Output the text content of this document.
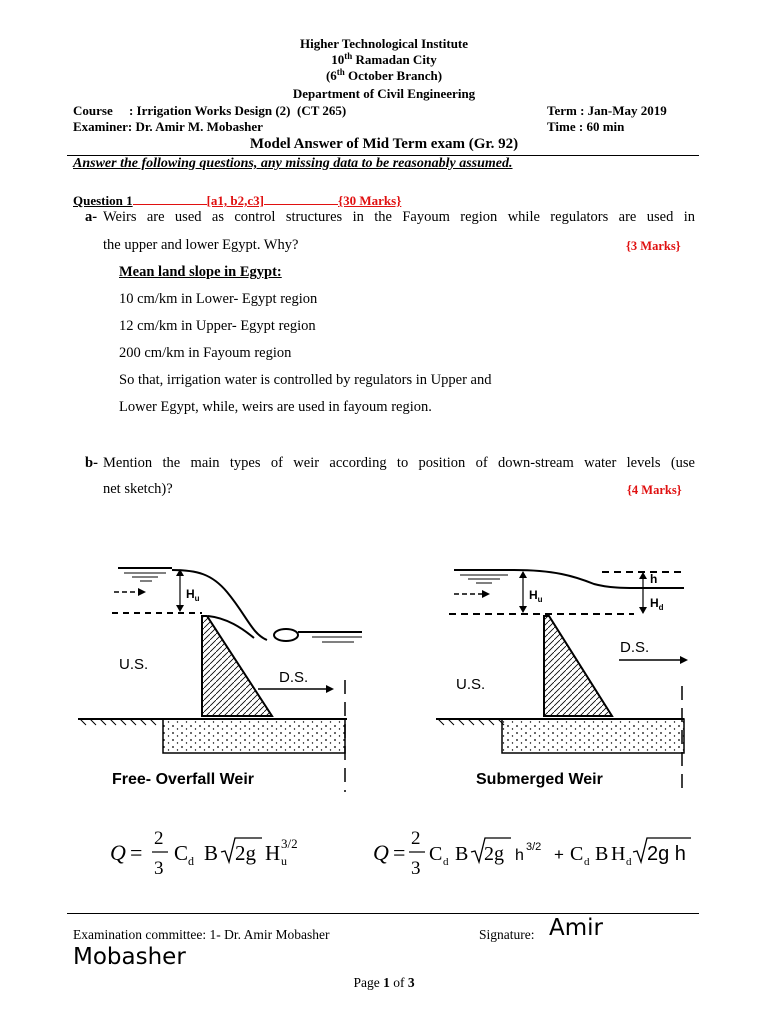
Higher Technological Institute
10th Ramadan City
(6th October Branch)
Department of Civil Engineering
Course     : Irrigation Works Design (2)  (CT 265)	Term : Jan-May 2019
Examiner: Dr. Amir M. Mobasher	Time : 60 min
Model Answer of Mid Term exam (Gr. 92)
Answer the following questions, any missing data to be reasonably assumed.
Question 1	[a1, b2,c3]	{30 Marks}
a- Weirs are used as control structures in the Fayoum region while regulators are used in
the upper and lower Egypt. Why?	{3 Marks}
Mean land slope in Egypt:
10 cm/km in Lower- Egypt region
12 cm/km in Upper- Egypt region
200 cm/km in Fayoum region
So that, irrigation water is controlled by regulators in Upper and
Lower Egypt, while, weirs are used in fayoum region.
b- Mention the main types of weir according to position of down-stream water levels (use
net sketch)?	{4 Marks}
$H_u$
U.S.
D.S.
Free- Overfall Weir
$H_u$
h
$H_d$
U.S.
D.S.
Submerged Weir
Q =
2
3
C d B 2g H u
3/2	Q =
2
3
C d B 2g h 3/2 + C d B H d 2g h
Examination committee: 1- Dr. Amir Mobasher	Signature: Amir
Mobasher
Page 1 of 3
